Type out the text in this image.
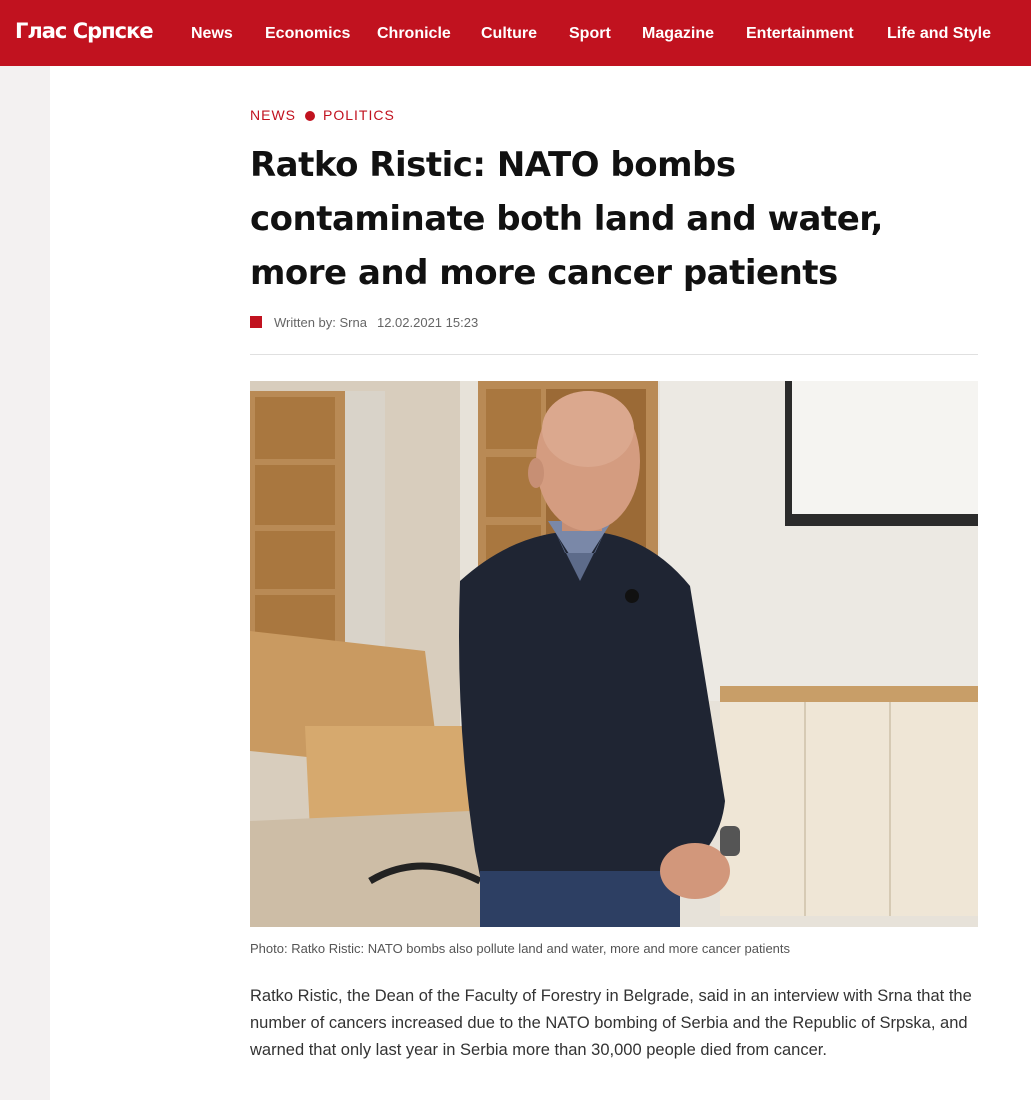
Глас Српске News Economics Chronicle Culture Sport Magazine Entertainment Life and Style
NEWS POLITICS
Ratko Ristic: NATO bombs contaminate both land and water, more and more cancer patients
Written by: Srna 12.02.2021 15:23
Photo: Ratko Ristic: NATO bombs also pollute land and water, more and more cancer patients

Ratko Ristic, the Dean of the Faculty of Forestry in Belgrade, said in an interview with Srna that the number of cancers increased due to the NATO bombing of Serbia and the Republic of Srpska, and warned that only last year in Serbia more than 30,000 people died from cancer.
